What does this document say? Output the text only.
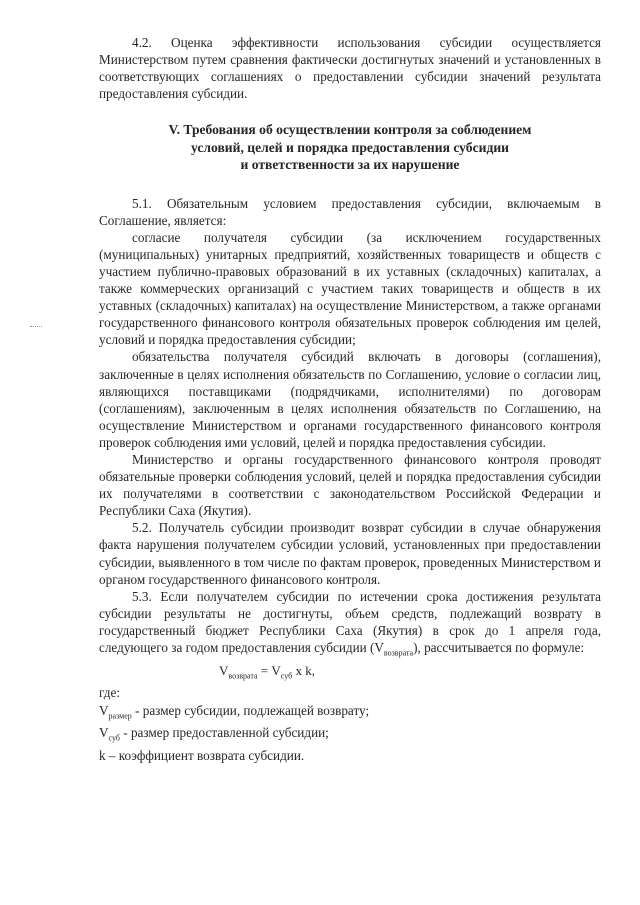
4.2. Оценка эффективности использования субсидии осуществляется Министерством путем сравнения фактически достигнутых значений и установленных в соответствующих соглашениях о предоставлении субсидии значений результата предоставления субсидии.

V. Требования об осуществлении контроля за соблюдением
условий, целей и порядка предоставления субсидии
и ответственности за их нарушение

5.1. Обязательным условием предоставления субсидии, включаемым в Соглашение, является:

согласие получателя субсидии (за исключением государственных (муниципальных) унитарных предприятий, хозяйственных товариществ и обществ с участием публично-правовых образований в их уставных (складочных) капиталах, а также коммерческих организаций с участием таких товариществ и обществ в их уставных (складочных) капиталах) на осуществление Министерством, а также органами государственного финансового контроля обязательных проверок соблюдения им целей, условий и порядка предоставления субсидии;

обязательства получателя субсидий включать в договоры (соглашения), заключенные в целях исполнения обязательств по Соглашению, условие о согласии лиц, являющихся поставщиками (подрядчиками, исполнителями) по договорам (соглашениям), заключенным в целях исполнения обязательств по Соглашению, на осуществление Министерством и органами государственного финансового контроля проверок соблюдения ими условий, целей и порядка предоставления субсидии.

Министерство и органы государственного финансового контроля проводят обязательные проверки соблюдения условий, целей и порядка предоставления субсидии их получателями в соответствии с законодательством Российской Федерации и Республики Саха (Якутия).

5.2. Получатель субсидии производит возврат субсидии в случае обнаружения факта нарушения получателем субсидии условий, установленных при предоставлении субсидии, выявленного в том числе по фактам проверок, проведенных Министерством и органом государственного финансового контроля.

5.3. Если получателем субсидии по истечении срока достижения результата субсидии результаты не достигнуты, объем средств, подлежащий возврату в государственный бюджет Республики Саха (Якутия) в срок до 1 апреля года, следующего за годом предоставления субсидии $(V_{возврата})$, рассчитывается по формуле:

$V_{возврата} = V_{суб}$ x k,

где:

$V_{размер}$ - размер субсидии, подлежащей возврату;

$V_{суб}$ - размер предоставленной субсидии;

k – коэффициент возврата субсидии.
